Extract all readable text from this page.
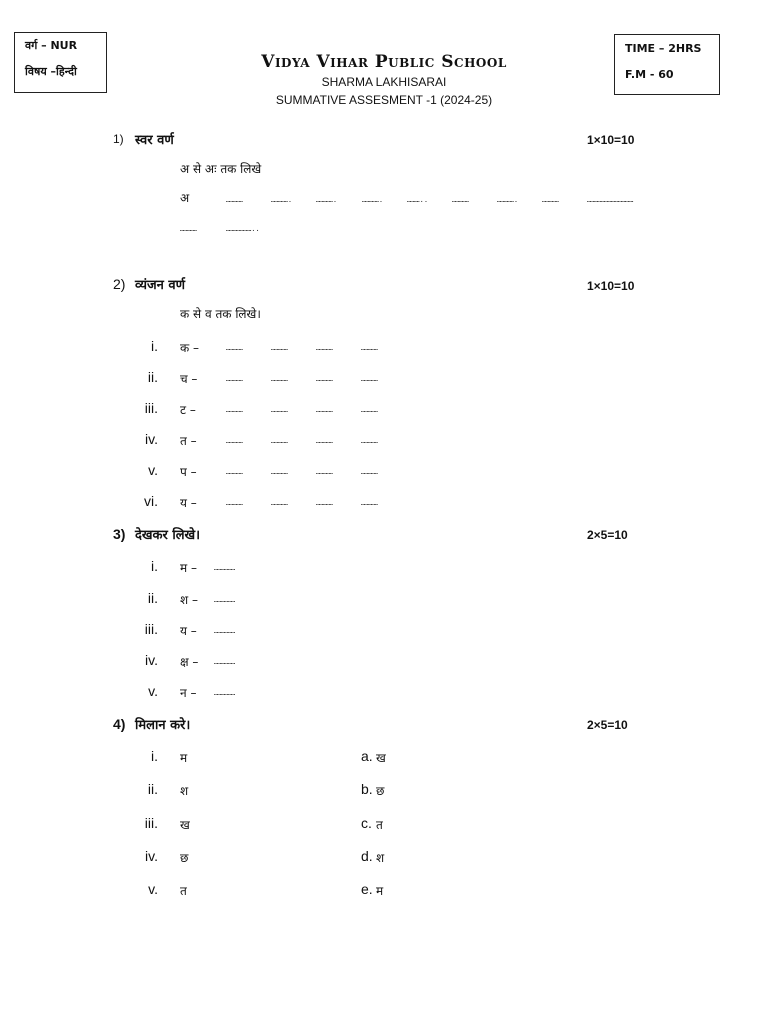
वर्ग – NUR
विषय –हिन्दी
TIME – 2HRS
F.M - 60
Vidya Vihar Public School
SHARMA LAKHISARAI
SUMMATIVE ASSESMENT -1 (2024-25)
1) स्वर वर्ण	1×10=10
अ से अः तक लिखे
अ	…………	………….	………….	………….	………..	…………	………….	…………	……………………………
…………	………………..
2) व्यंजन वर्ण	1×10=10
क से व तक लिखे।
i. क –	…………	…………	…………	…………
ii. च –	…………	…………	…………	…………
iii. ट –	…………	…………	…………	…………
iv. त –	…………	…………	…………	…………
v. प –	…………	…………	…………	…………
vi. य –	…………	…………	…………	…………
3) देखकर लिखे।	2×5=10
i. म – ……………
ii. श – ……………
iii. य – ……………
iv. क्ष – ……………
v. न –	……………
4) मिलान करे।	2×5=10
i. म	a. ख
ii. श	b. छ
iii. ख	c. त
iv. छ	d. श
v. त	e. म
